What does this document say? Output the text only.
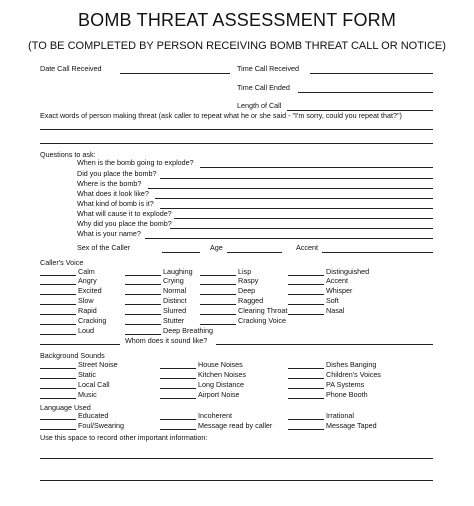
BOMB THREAT ASSESSMENT FORM
(TO BE COMPLETED BY PERSON RECEIVING BOMB THREAT CALL OR NOTICE)
Date Call Received	Time Call Received
Time Call Ended
Length of Call
Exact words of person making threat (ask caller to repeat what he or she said - "I'm sorry, could you repeat that?")
Questions to ask:
When is the bomb going to explode?
Did you place the bomb?
Where is the bomb?
What does it look like?
What kind of bomb is it?
What will cause it to explode?
Why did you place the bomb?
What is your name?
Sex of the Caller	Age	Accent
Caller's Voice
Calm	Laughing	Lisp	Distinguished
Angry	Crying	Raspy	Accent
Excited	Normal	Deep	Whisper
Slow	Distinct	Ragged	Soft
Rapid	Slurred	Clearing Throat	Nasal
Cracking	Stutter	Cracking Voice
Loud	Deep Breathing
Whom does it sound like?
Background Sounds
Street Noise	House Noises	Dishes Banging
Static	Kitchen Noises	Children's Voices
Local Call	Long Distance	PA Systems
Music	Airport Noise	Phone Booth
Language Used
Educated	Incoherent	Irrational
Foul/Swearing	Message read by caller	Message Taped
Use this space to record other important information:
